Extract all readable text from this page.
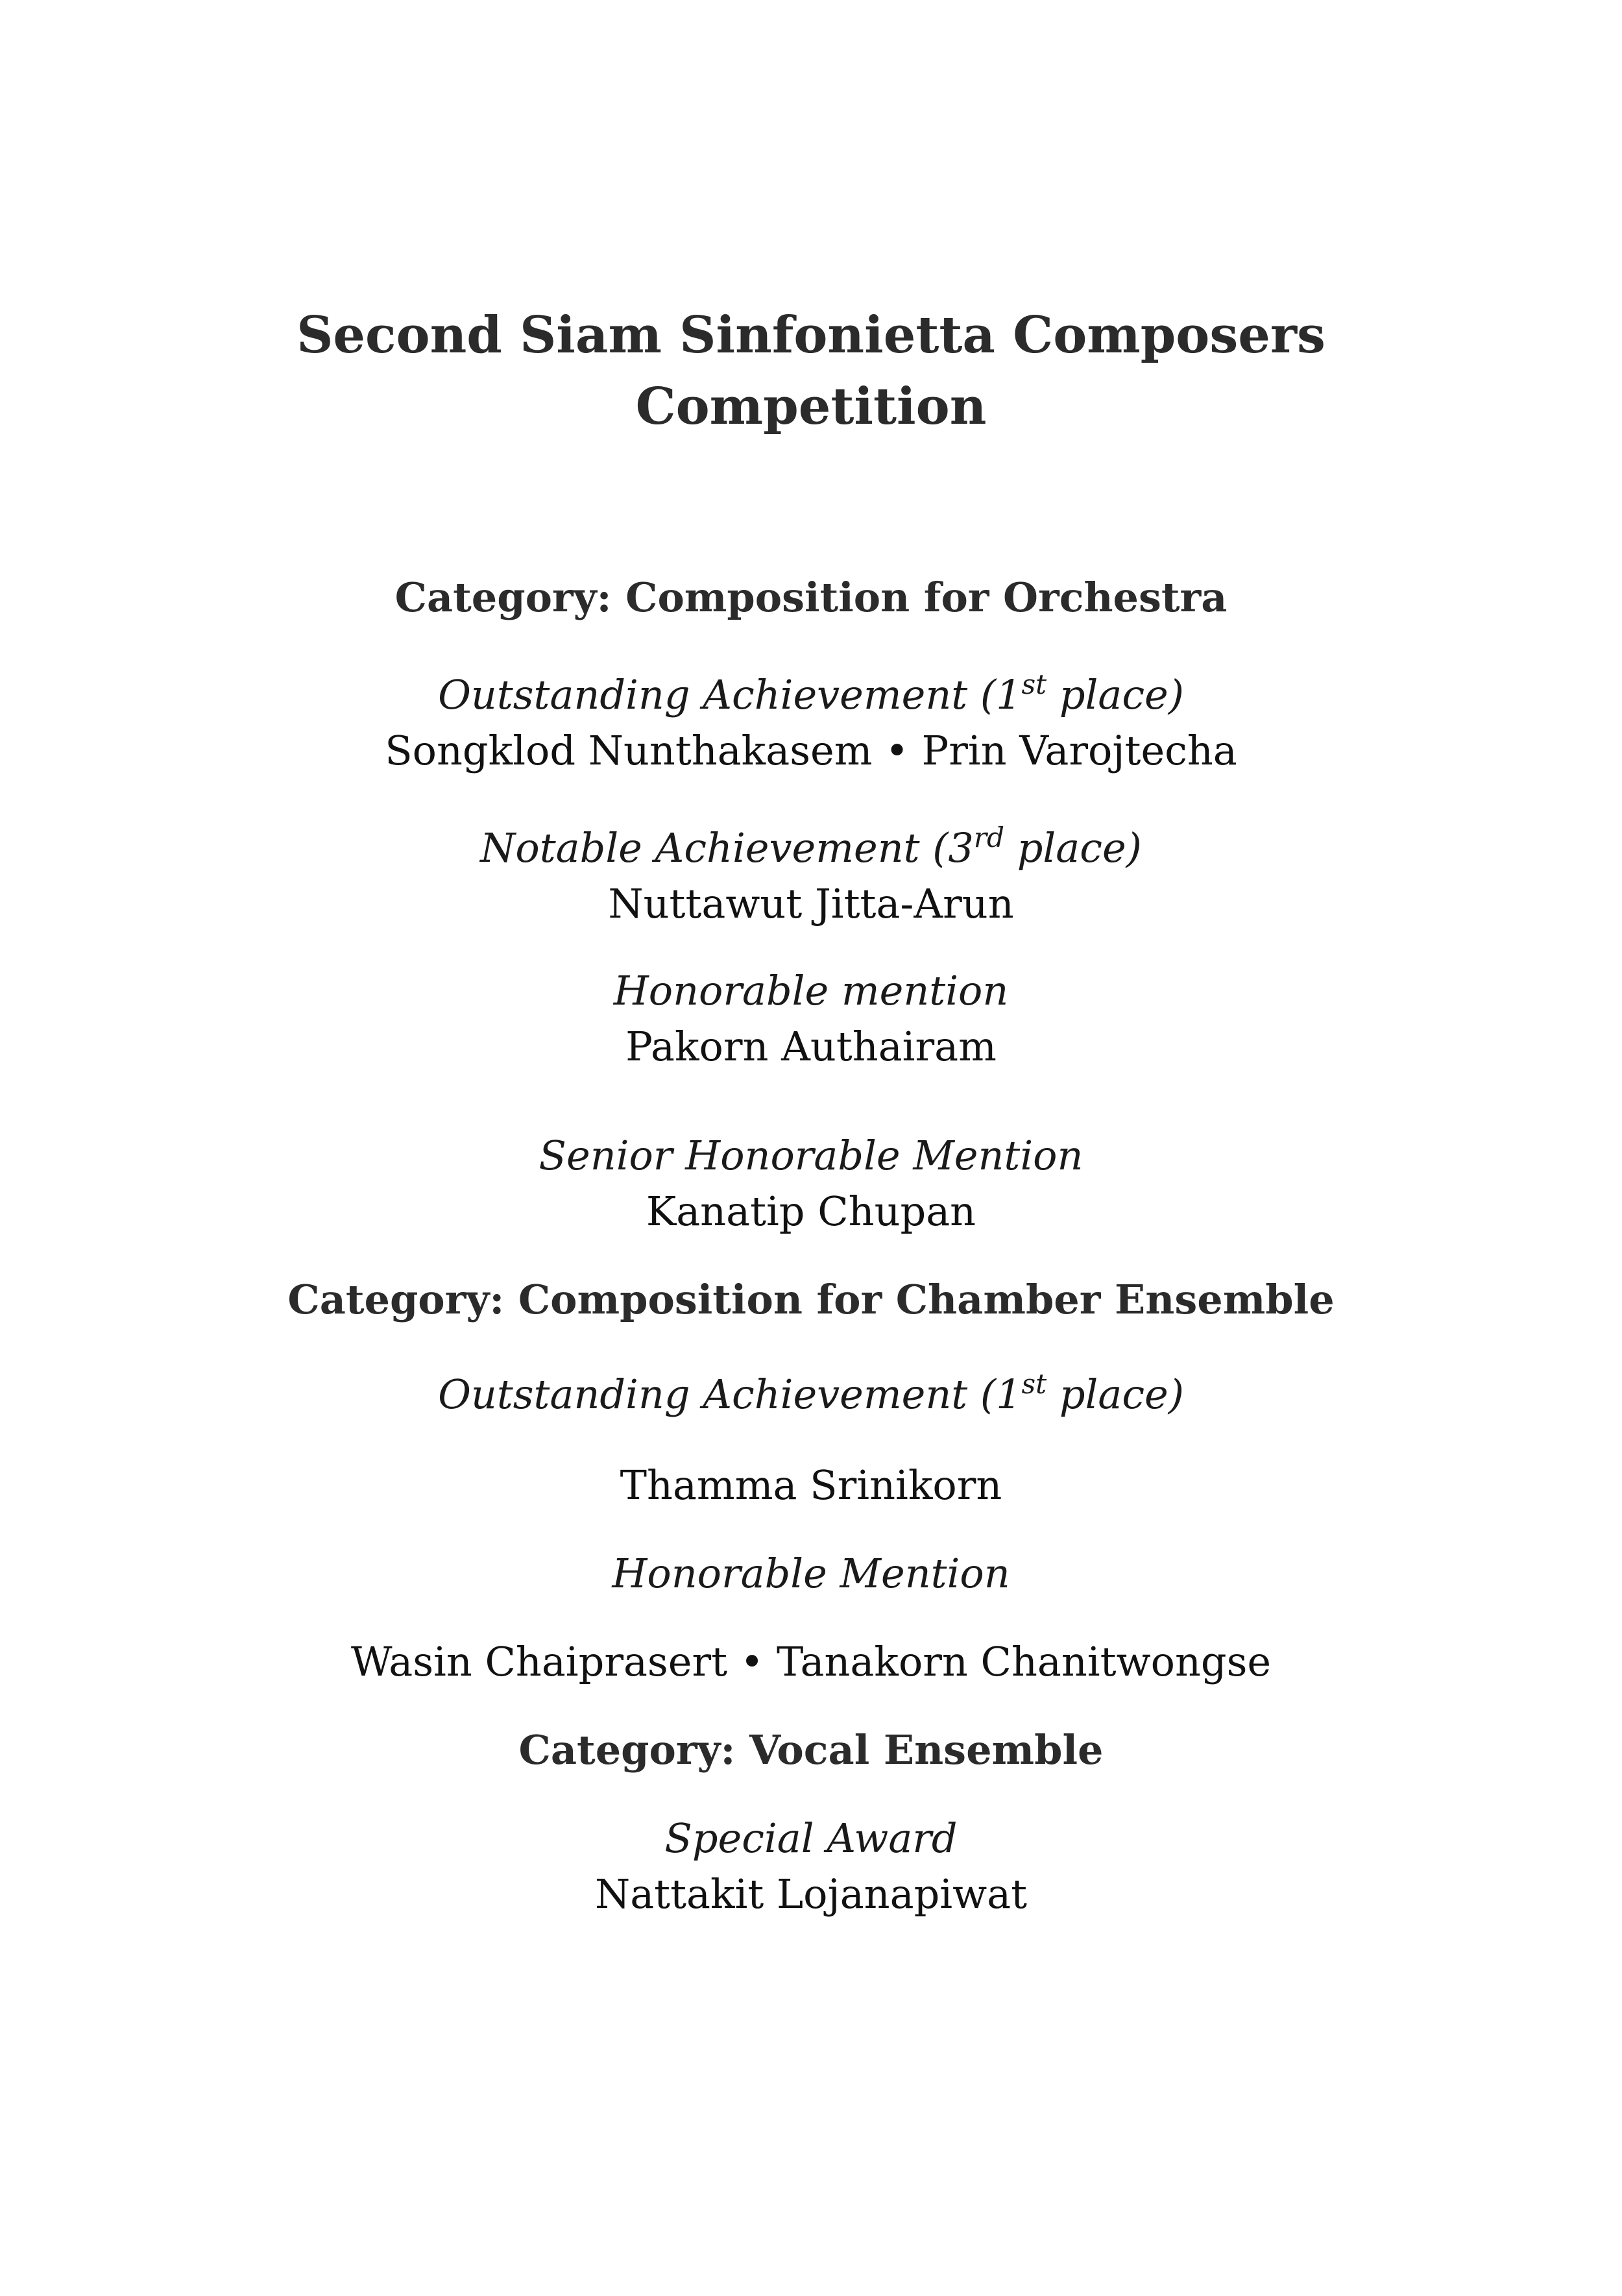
Second Siam Sinfonietta Composers
Competition
Category: Composition for Orchestra
Outstanding Achievement (1st place)
Songklod Nunthakasem • Prin Varojtecha
Notable Achievement (3rd place)
Nuttawut Jitta-Arun
Honorable mention
Pakorn Authairam
Senior Honorable Mention
Kanatip Chupan
Category: Composition for Chamber Ensemble
Outstanding Achievement (1st place)
Thamma Srinikorn
Honorable Mention
Wasin Chaiprasert • Tanakorn Chanitwongse
Category: Vocal Ensemble
Special Award
Nattakit Lojanapiwat
